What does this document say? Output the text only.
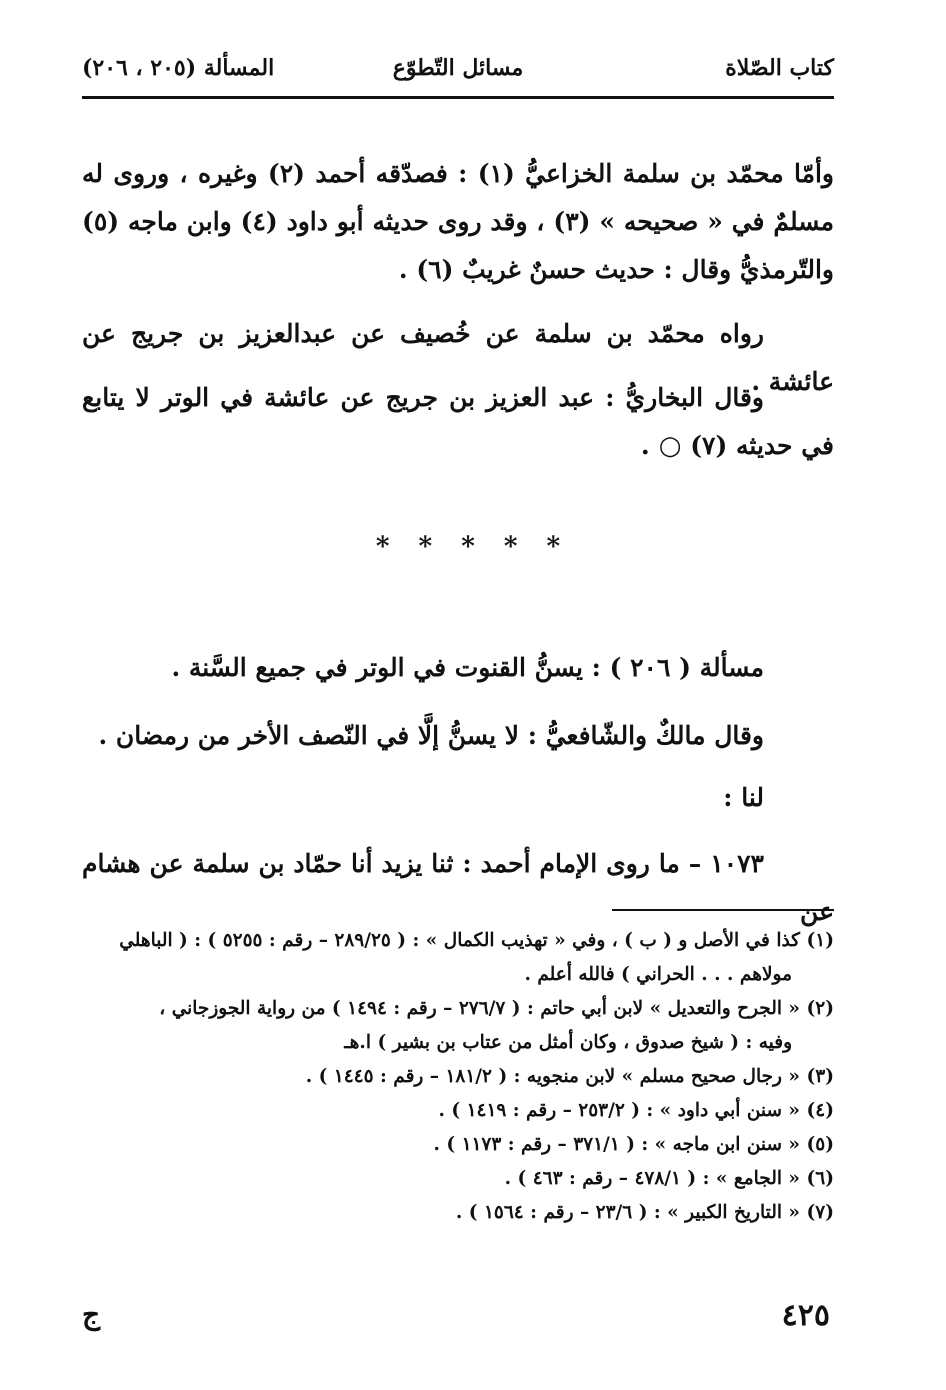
كتاب الصّلاة
مسائل التّطوّع
المسألة (٢٠٥ ، ٢٠٦)

وأمّا محمّد بن سلمة الخزاعيُّ (١) : فصدّقه أحمد (٢) وغيره ، وروى له مسلمٌ في « صحيحه » (٣) ، وقد روى حديثه أبو داود (٤) وابن ماجه (٥) والتّرمذيُّ وقال : حديث حسنٌ غريبٌ (٦) .

رواه محمّد بن سلمة عن خُصيف عن عبدالعزيز بن جريج عن عائشة .

وقال البخاريُّ : عبد العزيز بن جريج عن عائشة في الوتر لا يتابع في حديثه (٧) ○ .

* * * * *

مسألة ( ٢٠٦ ) : يسنُّ القنوت في الوتر في جميع السَّنة .

وقال مالكٌ والشّافعيُّ : لا يسنُّ إلَّا في النّصف الأخر من رمضان .

لنا :

١٠٧٣ – ما روى الإمام أحمد : ثنا يزيد أنا حمّاد بن سلمة عن هشام عن

(١)كذا في الأصل و ( ب ) ، وفي « تهذيب الكمال » : ( ٢٨٩/٢٥ – رقم : ٥٢٥٥ ) : ( الباهلي

مولاهم . . . الحراني ) فالله أعلم .

(٢)« الجرح والتعديل » لابن أبي حاتم : ( ٢٧٦/٧ – رقم : ١٤٩٤ ) من رواية الجوزجاني ،

وفيه : ( شيخ صدوق ، وكان أمثل من عتاب بن بشير ) ا.هـ

(٣)« رجال صحيح مسلم » لابن منجويه : ( ١٨١/٢ – رقم : ١٤٤٥ ) .

(٤)« سنن أبي داود » : ( ٢٥٣/٢ – رقم : ١٤١٩ ) .

(٥)« سنن ابن ماجه » : ( ٣٧١/١ – رقم : ١١٧٣ ) .

(٦)« الجامع » : ( ٤٧٨/١ – رقم : ٤٦٣ ) .

(٧)« التاريخ الكبير » : ( ٢٣/٦ – رقم : ١٥٦٤ ) .

٤٢٥
ج
